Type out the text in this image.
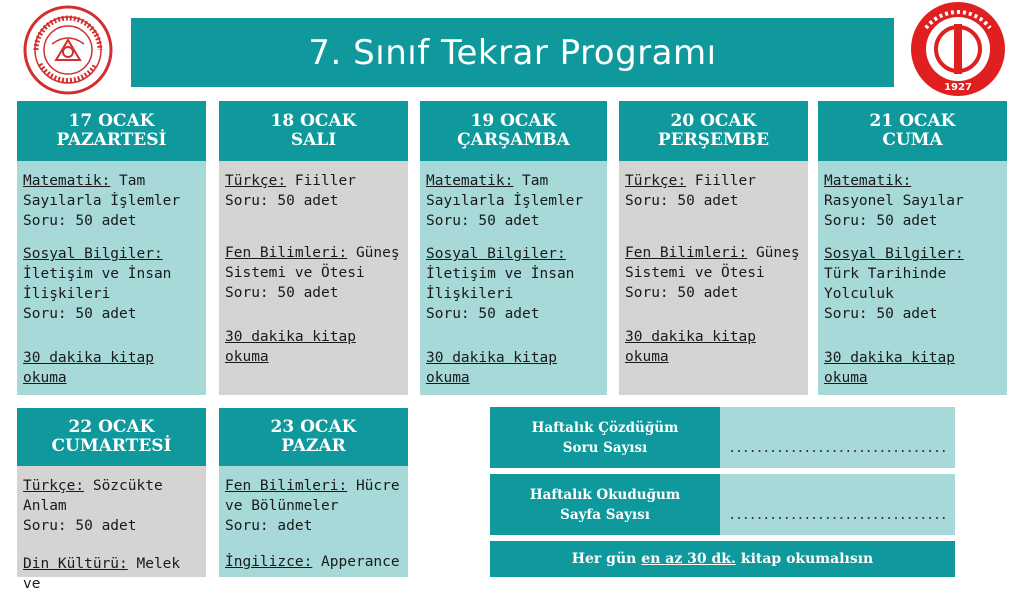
1927
7. Sınıf Tekrar Programı
17 OCAK
PAZARTESİ
Matematik: Tam Sayılarla İşlemler
Soru: 50 adet
Sosyal Bilgiler: İletişim ve İnsan İlişkileri
Soru: 50 adet
30 dakika kitap okuma
18 OCAK
SALI
Türkçe: Fiiller
Soru: 50 adet
Fen Bilimleri: Güneş Sistemi ve Ötesi
Soru: 50 adet
30 dakika kitap okuma
19 OCAK
ÇARŞAMBA
Matematik: Tam Sayılarla İşlemler
Soru: 50 adet
Sosyal Bilgiler: İletişim ve İnsan İlişkileri
Soru: 50 adet
30 dakika kitap okuma
20 OCAK
PERŞEMBE
Türkçe: Fiiller
Soru: 50 adet
Fen Bilimleri: Güneş Sistemi ve Ötesi
Soru: 50 adet
30 dakika kitap okuma
21 OCAK
CUMA
Matematik:
Rasyonel Sayılar
Soru: 50 adet
Sosyal Bilgiler: Türk Tarihinde Yolculuk
Soru: 50 adet
30 dakika kitap okuma
22 OCAK
CUMARTESİ
Türkçe: Sözcükte Anlam
Soru: 50 adet
Din Kültürü: Melek ve
23 OCAK
PAZAR
Fen Bilimleri: Hücre ve Bölünmeler
Soru: adet
İngilizce: Apperance
Haftalık Çözdüğüm
Soru Sayısı	................................
Haftalık Okuduğum
Sayfa Sayısı	................................
Her gün en az 30 dk. kitap okumalısın
